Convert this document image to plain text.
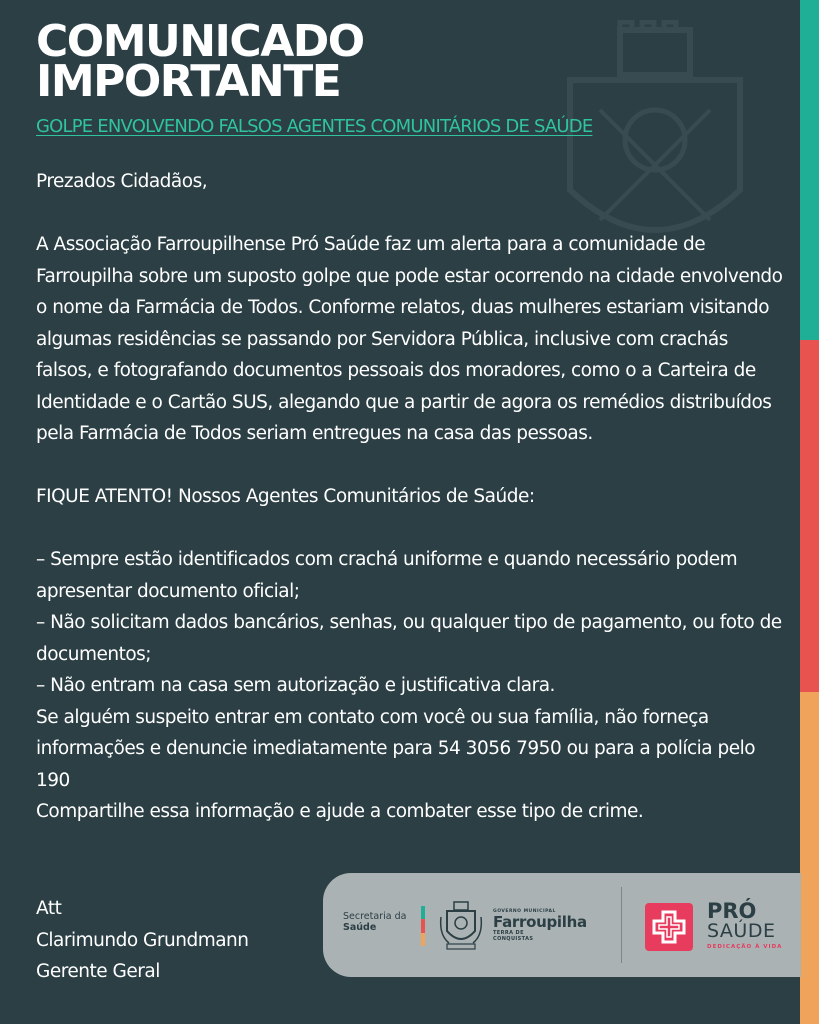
COMUNICADO
IMPORTANTE
GOLPE ENVOLVENDO FALSOS AGENTES COMUNITÁRIOS DE SAÚDE

Prezados Cidadãos,

A Associação Farroupilhense Pró Saúde faz um alerta para a comunidade de Farroupilha sobre um suposto golpe que pode estar ocorrendo na cidade envolvendo o nome da Farmácia de Todos. Conforme relatos, duas mulheres estariam visitando algumas residências se passando por Servidora Pública, inclusive com crachás falsos, e fotografando documentos pessoais dos moradores, como o a Carteira de Identidade e o Cartão SUS, alegando que a partir de agora os remédios distribuídos pela Farmácia de Todos seriam entregues na casa das pessoas.

FIQUE ATENTO! Nossos Agentes Comunitários de Saúde:

– Sempre estão identificados com crachá uniforme e quando necessário podem apresentar documento oficial;

– Não solicitam dados bancários, senhas, ou qualquer tipo de pagamento, ou foto de documentos;

– Não entram na casa sem autorização e justificativa clara.

Se alguém suspeito entrar em contato com você ou sua família, não forneça informações e denuncie imediatamente para 54 3056 7950 ou para a polícia pelo 190

Compartilhe essa informação e ajude a combater esse tipo de crime.

Att
Clarimundo Grundmann
Gerente Geral
Secretaria da
Saúde
GOVERNO MUNICIPAL
Farroupilha
TERRA DE
CONQUISTAS
PRÓ
SAÚDE
DEDICAÇÃO À VIDA
